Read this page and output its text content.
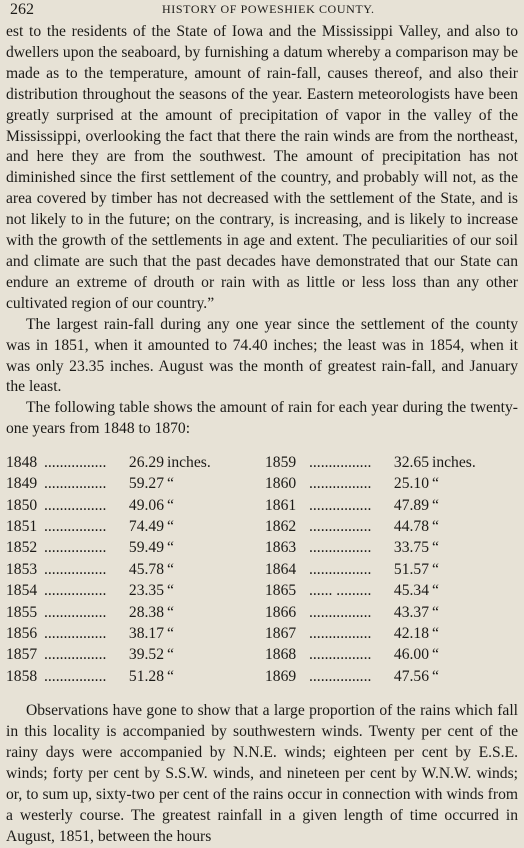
262	HISTORY OF POWESHIEK COUNTY.

est to the residents of the State of Iowa and the Mississippi Valley, and also to dwellers upon the seaboard, by furnishing a datum whereby a comparison may be made as to the temperature, amount of rain-fall, causes thereof, and also their distribution throughout the seasons of the year. Eastern meteorologists have been greatly surprised at the amount of precipitation of vapor in the valley of the Mississippi, overlooking the fact that there the rain winds are from the northeast, and here they are from the southwest. The amount of precipitation has not diminished since the first settlement of the country, and probably will not, as the area covered by timber has not decreased with the settlement of the State, and is not likely to in the future; on the contrary, is increasing, and is likely to increase with the growth of the settlements in age and extent. The peculiarities of our soil and climate are such that the past decades have demonstrated that our State can endure an extreme of drouth or rain with as little or less loss than any other cultivated region of our country.”

The largest rain-fall during any one year since the settlement of the county was in 1851, when it amounted to 74.40 inches; the least was in 1854, when it was only 23.35 inches. August was the month of greatest rain-fall, and January the least.

The following table shows the amount of rain for each year during the twenty-one years from 1848 to 1870:

1848	................	26.29	inches.	1859	................	32.65	inches.
1849	................	59.27	“	1860	................	25.10	“
1850	................	49.06	“	1861	................	47.89	“
1851	................	74.49	“	1862	................	44.78	“
1852	................	59.49	“	1863	................	33.75	“
1853	................	45.78	“	1864	................	51.57	“
1854	................	23.35	“	1865	...... .........	45.34	“
1855	................	28.38	“	1866	................	43.37	“
1856	................	38.17	“	1867	................	42.18	“
1857	................	39.52	“	1868	................	46.00	“
1858	................	51.28	“	1869	................	47.56	“

Observations have gone to show that a large proportion of the rains which fall in this locality is accompanied by southwestern winds. Twenty per cent of the rainy days were accompanied by N.N.E. winds; eighteen per cent by E.S.E. winds; forty per cent by S.S.W. winds, and nineteen per cent by W.N.W. winds; or, to sum up, sixty-two per cent of the rains occur in connection with winds from a westerly course. The greatest rainfall in a given length of time occurred in August, 1851, between the hours
